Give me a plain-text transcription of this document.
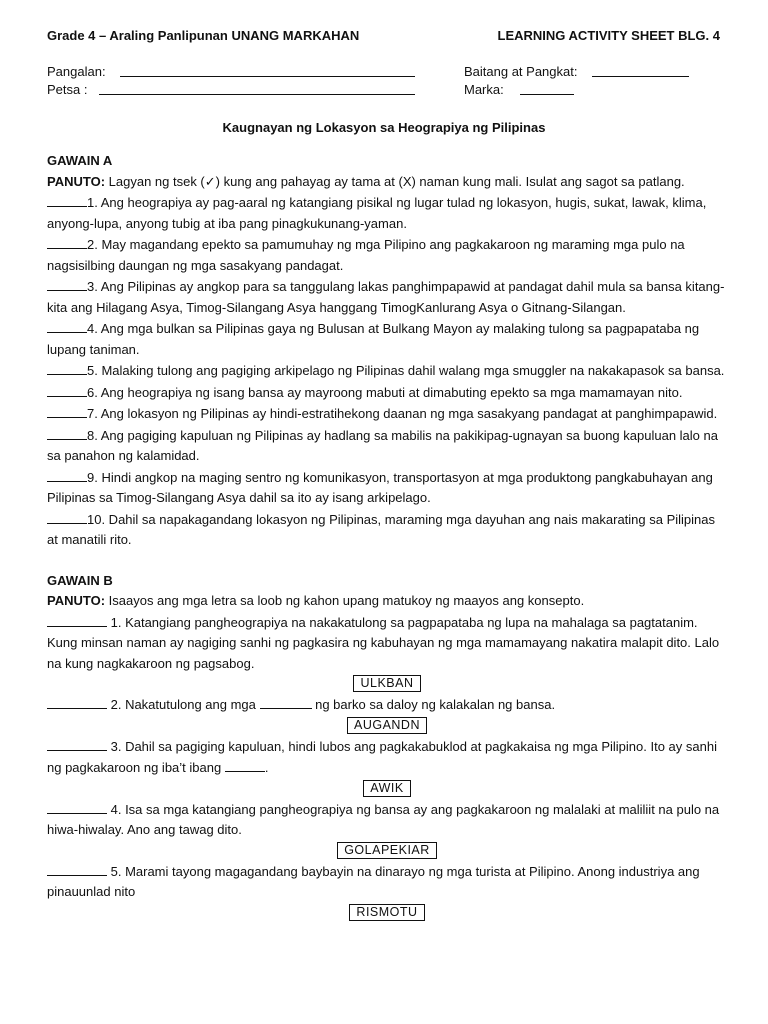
Grade 4 – Araling Panlipunan UNANG MARKAHAN	LEARNING ACTIVITY SHEET BLG. 4
Pangalan:
Petsa :
Baitang at Pangkat:
Marka:
Kaugnayan ng Lokasyon sa Heograpiya ng Pilipinas
GAWAIN A

PANUTO: Lagyan ng tsek (✓) kung ang pahayag ay tama at (X) naman kung mali. Isulat ang sagot sa patlang.

1. Ang heograpiya ay pag-aaral ng katangiang pisikal ng lugar tulad ng lokasyon, hugis, sukat, lawak, klima, anyong-lupa, anyong tubig at iba pang pinagkukunang-yaman.

2. May magandang epekto sa pamumuhay ng mga Pilipino ang pagkakaroon ng maraming mga pulo na nagsisilbing daungan ng mga sasakyang pandagat.

3. Ang Pilipinas ay angkop para sa tanggulang lakas panghimpapawid at pandagat dahil mula sa bansa kitang-kita ang Hilagang Asya, Timog-Silangang Asya hanggang TimogKanlurang Asya o Gitnang-Silangan.

4. Ang mga bulkan sa Pilipinas gaya ng Bulusan at Bulkang Mayon ay malaking tulong sa pagpapataba ng lupang taniman.

5. Malaking tulong ang pagiging arkipelago ng Pilipinas dahil walang mga smuggler na nakakapasok sa bansa.

6. Ang heograpiya ng isang bansa ay mayroong mabuti at dimabuting epekto sa mga mamamayan nito.

7. Ang lokasyon ng Pilipinas ay hindi-estratihekong daanan ng mga sasakyang pandagat at panghimpapawid.

8. Ang pagiging kapuluan ng Pilipinas ay hadlang sa mabilis na pakikipag-ugnayan sa buong kapuluan lalo na sa panahon ng kalamidad.

9. Hindi angkop na maging sentro ng komunikasyon, transportasyon at mga produktong pangkabuhayan ang Pilipinas sa Timog-Silangang Asya dahil sa ito ay isang arkipelago.

10. Dahil sa napakagandang lokasyon ng Pilipinas, maraming mga dayuhan ang nais makarating sa Pilipinas at manatili rito.

GAWAIN B

PANUTO: Isaayos ang mga letra sa loob ng kahon upang matukoy ng maayos ang konsepto.

1. Katangiang pangheograpiya na nakakatulong sa pagpapataba ng lupa na mahalaga sa pagtatanim. Kung minsan naman ay nagiging sanhi ng pagkasira ng kabuhayan ng mga mamamayang nakatira malapit dito. Lalo na kung nagkakaroon ng pagsabog.

ULKBAN

2. Nakatutulong ang mga	ng barko sa daloy ng kalakalan ng bansa.

AUGANDN

3. Dahil sa pagiging kapuluan, hindi lubos ang pagkakabuklod at pagkakaisa ng mga Pilipino. Ito ay sanhi ng pagkakaroon ng iba’t ibang	.

AWIK

4. Isa sa mga katangiang pangheograpiya ng bansa ay ang pagkakaroon ng malalaki at maliliit na pulo na hiwa-hiwalay. Ano ang tawag dito.

GOLAPEKIAR

5. Marami tayong magagandang baybayin na dinarayo ng mga turista at Pilipino. Anong industriya ang pinauunlad nito

RISMOTU
